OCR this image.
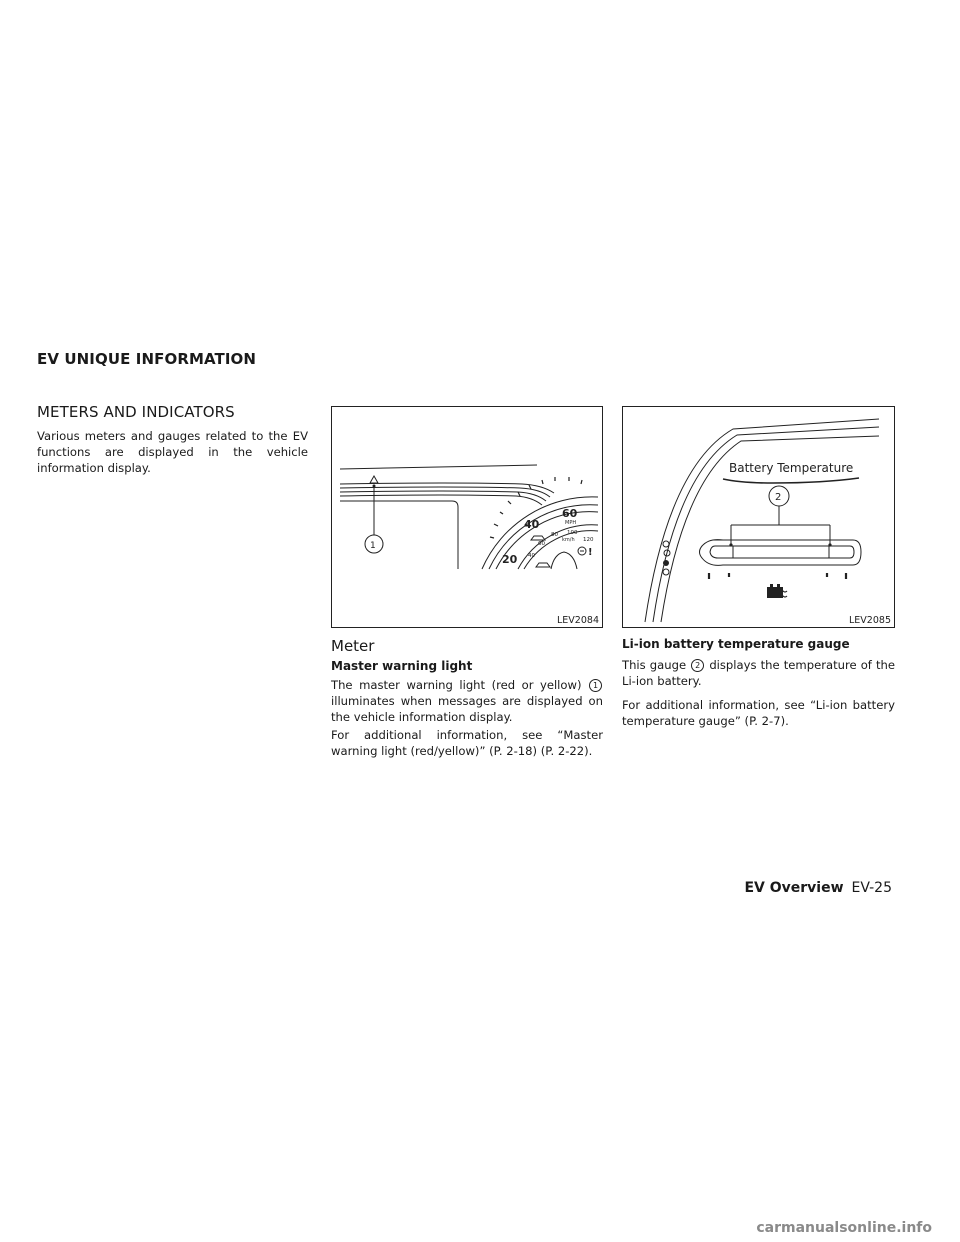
EV UNIQUE INFORMATION
METERS AND INDICATORS
Various meters and gauges related to the EV functions are displayed in the vehicle information display.
1
20
40
60
MPH
40
60
80 100
120
km/h
!
LEV2084
Battery Temperature
2
LEV2085
Meter
Master warning light
The master warning light (red or yellow) 1 illuminates when messages are displayed on the vehicle information display.
For additional information, see “Master warning light (red/yellow)” (P. 2-18) (P. 2-22).
Li-ion battery temperature gauge
This gauge 2 displays the temperature of the Li-ion battery.
For additional information, see “Li-ion battery temperature gauge” (P. 2-7).
EV Overview EV-25
carmanualsonline.info
